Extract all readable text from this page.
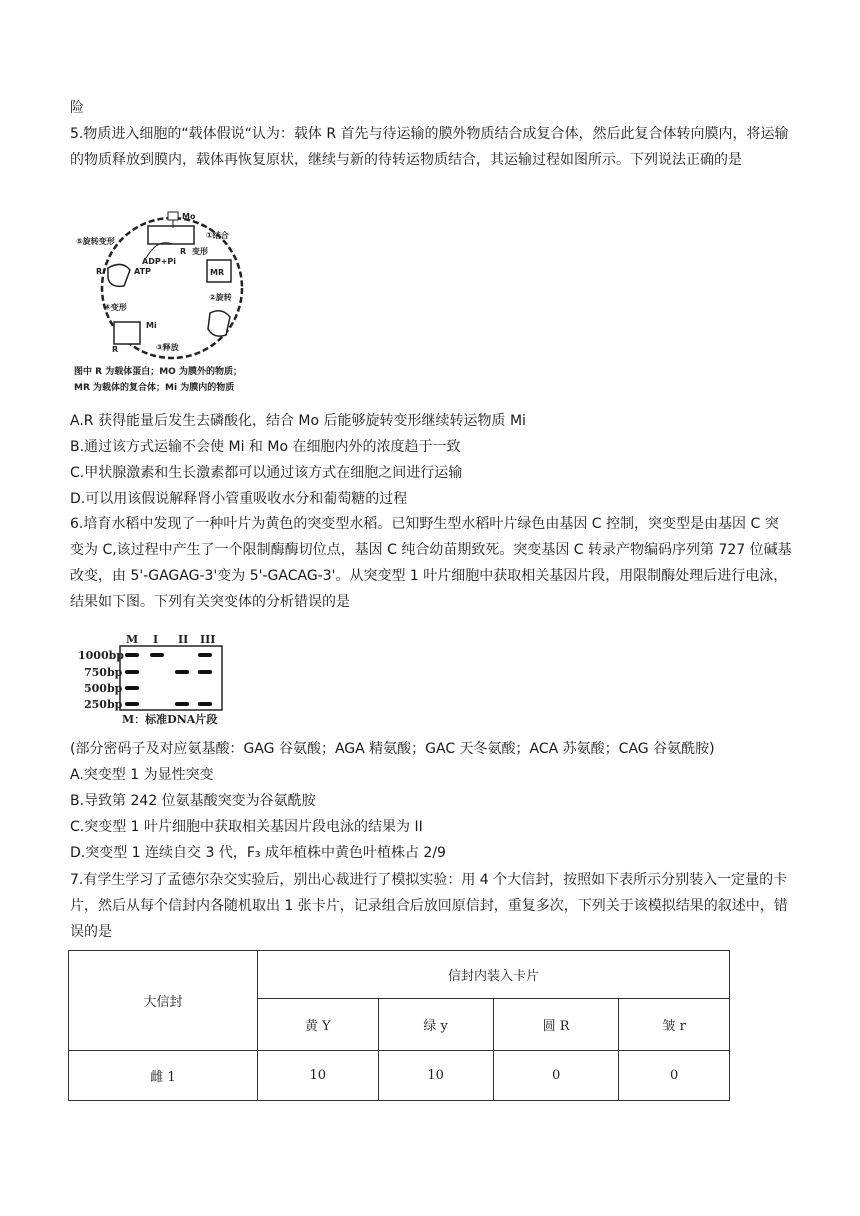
险
5.物质进入细胞的“载体假说“认为：载体 R 首先与待运输的膜外物质结合成复合体，然后此复合体转向膜内，将运输的物质释放到膜内，载体再恢复原状，继续与新的待转运物质结合，其运输过程如图所示。下列说法正确的是
Mo
R 变形
①结合
MR
②旋转
③释放
Mi
R
④变形
R
ADP+Pi
ATP
⑤旋转变形
图中 R 为载体蛋白；MO 为膜外的物质；
MR 为载体的复合体；Mi 为膜内的物质
A.R 获得能量后发生去磷酸化，结合 Mo 后能够旋转变形继续转运物质 Mi
B.通过该方式运输不会使 Mi 和 Mo 在细胞内外的浓度趋于一致
C.甲状腺激素和生长激素都可以通过该方式在细胞之间进行运输
D.可以用该假说解释肾小管重吸收水分和葡萄糖的过程
6.培育水稻中发现了一种叶片为黄色的突变型水稻。已知野生型水稻叶片绿色由基因 C 控制，突变型是由基因 C 突变为 C,该过程中产生了一个限制酶酶切位点，基因 C 纯合幼苗期致死。突变基因 C 转录产物编码序列第 727 位碱基改变，由 5'-GAGAG-3'变为 5'-GACAG-3'。从突变型 1 叶片细胞中获取相关基因片段，用限制酶处理后进行电泳，结果如下图。下列有关突变体的分析错误的是
M I II III
1000bp
750bp
500bp
250bp
M：标准DNA片段
(部分密码子及对应氨基酸：GAG 谷氨酸；AGA 精氨酸；GAC 天冬氨酸；ACA 苏氨酸；CAG 谷氨酰胺)
A.突变型 1 为显性突变
B.导致第 242 位氨基酸突变为谷氨酰胺
C.突变型 1 叶片细胞中获取相关基因片段电泳的结果为 II
D.突变型 1 连续自交 3 代，F₃ 成年植株中黄色叶植株占 2/9
7.有学生学习了孟德尔杂交实验后，别出心裁进行了模拟实验：用 4 个大信封，按照如下表所示分别装入一定量的卡片，然后从每个信封内各随机取出 1 张卡片，记录组合后放回原信封，重复多次，下列关于该模拟结果的叙述中，错误的是
大信封	信封内装入卡片			
	黄 Y	绿 y	圆 R	皱 r
雌 1	10	10	0	0
